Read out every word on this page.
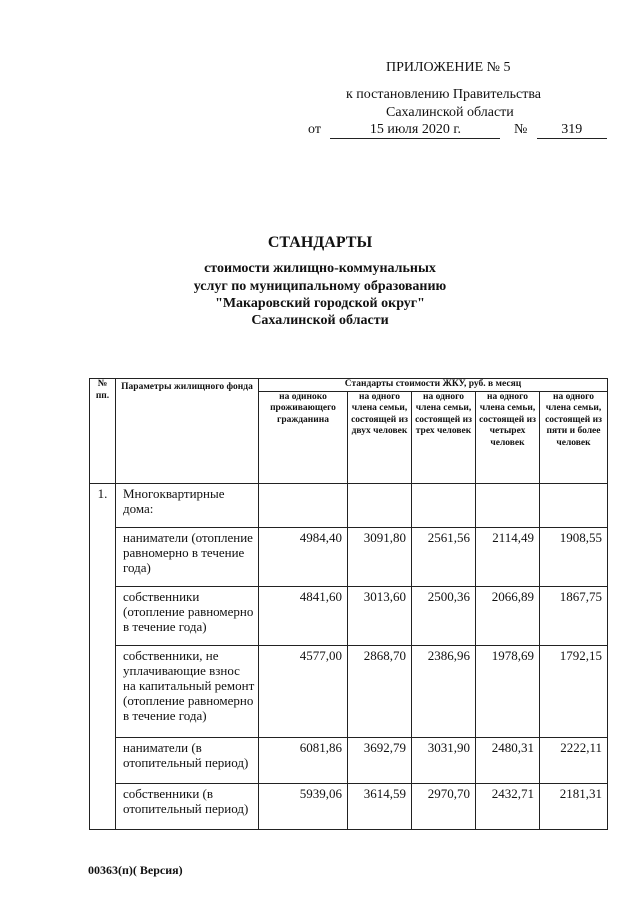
ПРИЛОЖЕНИЕ № 5
к постановлению Правительства
Сахалинской области
от	15 июля 2020 г.	№ 319
СТАНДАРТЫ
стоимости жилищно-коммунальных
услуг по муниципальному образованию
"Макаровский городской округ"
Сахалинской области
№ пп.	Параметры жилищного фонда	Стандарты стоимости ЖКУ, руб. в месяц				
		на одиноко проживающего гражданина	на одного члена семьи, состоящей из двух человек	на одного члена семьи, состоящей из трех человек	на одного члена семьи, состоящей из четырех человек	на одного члена семьи, состоящей из пяти и более человек
1.	Многоквартирные дома:					
	наниматели (отопление равномерно в течение года)	4984,40	3091,80	2561,56	2114,49	1908,55
	собственники (отопление равномерно в течение года)	4841,60	3013,60	2500,36	2066,89	1867,75
	собственники, не уплачивающие взнос на капитальный ремонт (отопление равномерно в течение года)	4577,00	2868,70	2386,96	1978,69	1792,15
	наниматели (в отопительный период)	6081,86	3692,79	3031,90	2480,31	2222,11
	собственники (в отопительный период)	5939,06	3614,59	2970,70	2432,71	2181,31
00363(п)( Версия)
